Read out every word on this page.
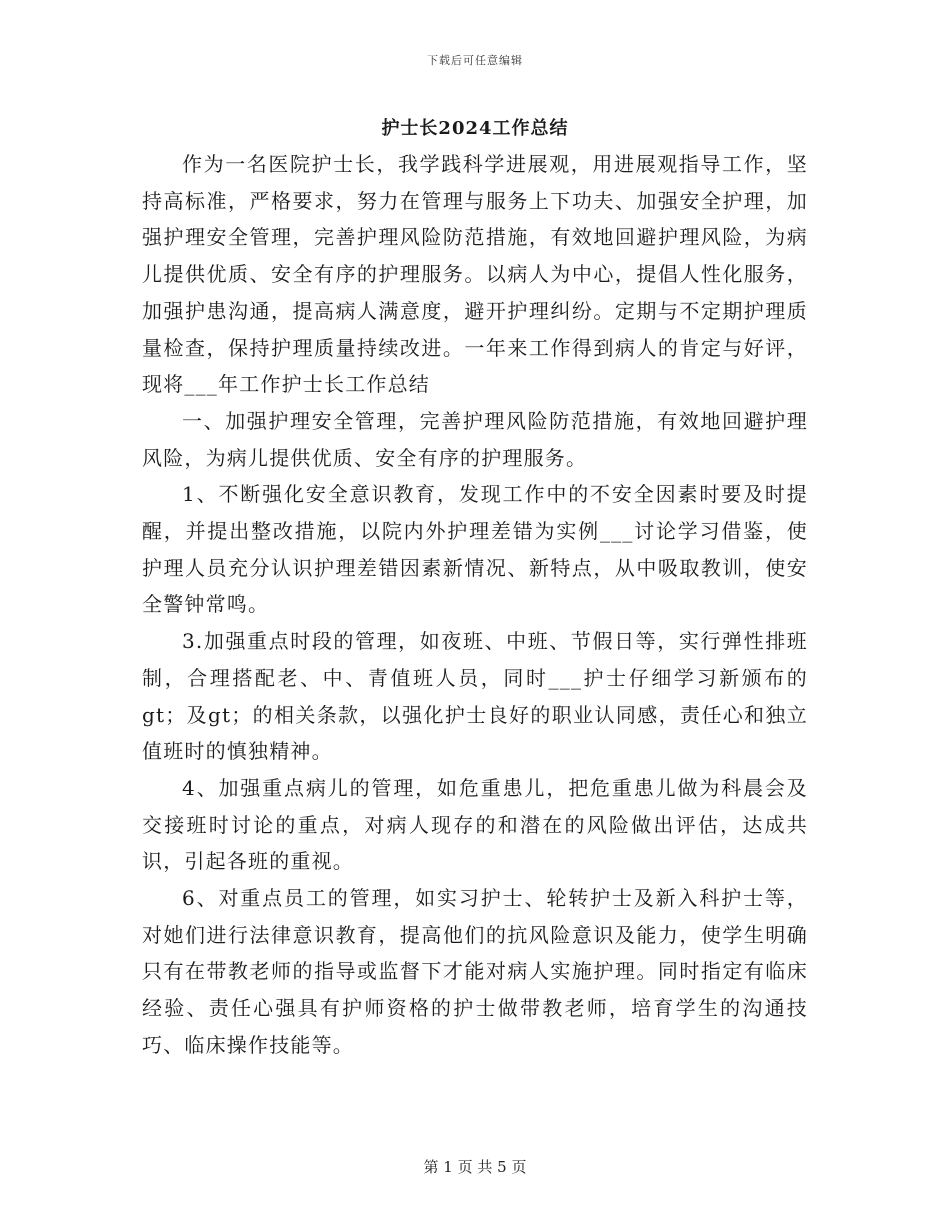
下载后可任意编辑
护士长2024工作总结

作为一名医院护士长，我学践科学进展观，用进展观指导工作，坚持高标准，严格要求，努力在管理与服务上下功夫、加强安全护理，加强护理安全管理，完善护理风险防范措施，有效地回避护理风险，为病儿提供优质、安全有序的护理服务。以病人为中心，提倡人性化服务，加强护患沟通，提高病人满意度，避开护理纠纷。定期与不定期护理质量检查，保持护理质量持续改进。一年来工作得到病人的肯定与好评，现将___年工作护士长工作总结

一、加强护理安全管理，完善护理风险防范措施，有效地回避护理风险，为病儿提供优质、安全有序的护理服务。

1、不断强化安全意识教育，发现工作中的不安全因素时要及时提醒，并提出整改措施，以院内外护理差错为实例___讨论学习借鉴，使护理人员充分认识护理差错因素新情况、新特点，从中吸取教训，使安全警钟常鸣。

3.加强重点时段的管理，如夜班、中班、节假日等，实行弹性排班制，合理搭配老、中、青值班人员，同时___护士仔细学习新颁布的gt；及gt；的相关条款，以强化护士良好的职业认同感，责任心和独立值班时的慎独精神。

4、加强重点病儿的管理，如危重患儿，把危重患儿做为科晨会及交接班时讨论的重点，对病人现存的和潜在的风险做出评估，达成共识，引起各班的重视。

6、对重点员工的管理，如实习护士、轮转护士及新入科护士等，对她们进行法律意识教育，提高他们的抗风险意识及能力，使学生明确只有在带教老师的指导或监督下才能对病人实施护理。同时指定有临床经验、责任心强具有护师资格的护士做带教老师，培育学生的沟通技巧、临床操作技能等。

第 1 页 共 5 页
